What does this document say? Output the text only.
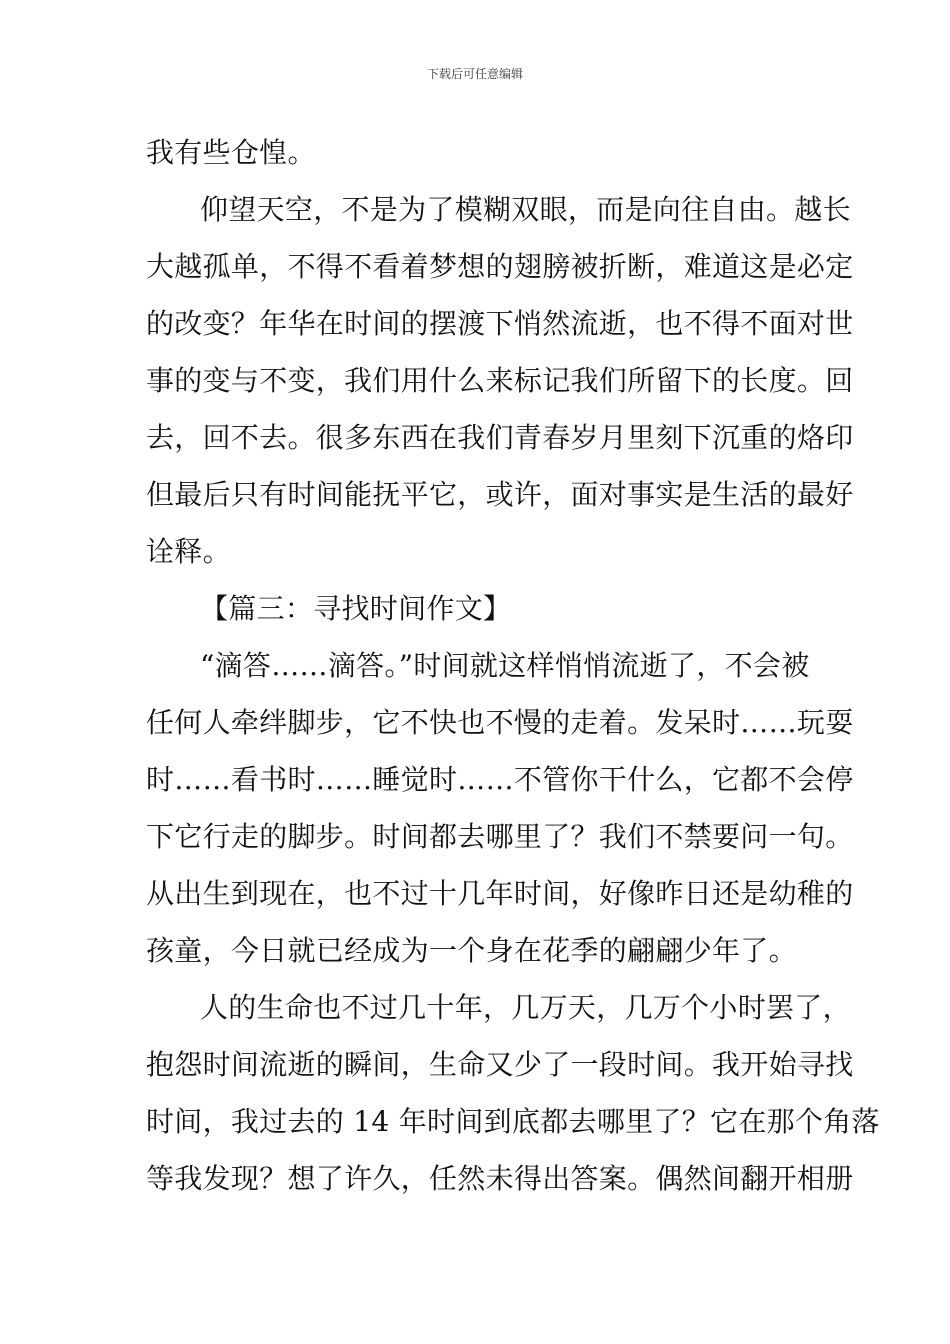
下载后可任意编辑
我有些仓惶。
仰望天空，不是为了模糊双眼，而是向往自由。越长
大越孤单，不得不看着梦想的翅膀被折断，难道这是必定
的改变？年华在时间的摆渡下悄然流逝，也不得不面对世
事的变与不变，我们用什么来标记我们所留下的长度。回
去，回不去。很多东西在我们青春岁月里刻下沉重的烙印
但最后只有时间能抚平它，或许，面对事实是生活的最好
诠释。
【篇三：寻找时间作文】
“滴答……滴答。”时间就这样悄悄流逝了，不会被
任何人牵绊脚步，它不快也不慢的走着。发呆时……玩耍
时……看书时……睡觉时……不管你干什么，它都不会停
下它行走的脚步。时间都去哪里了？我们不禁要问一句。
从出生到现在，也不过十几年时间，好像昨日还是幼稚的
孩童，今日就已经成为一个身在花季的翩翩少年了。
人的生命也不过几十年，几万天，几万个小时罢了，
抱怨时间流逝的瞬间，生命又少了一段时间。我开始寻找
时间，我过去的 14 年时间到底都去哪里了？它在那个角落
等我发现？想了许久，任然未得出答案。偶然间翻开相册
